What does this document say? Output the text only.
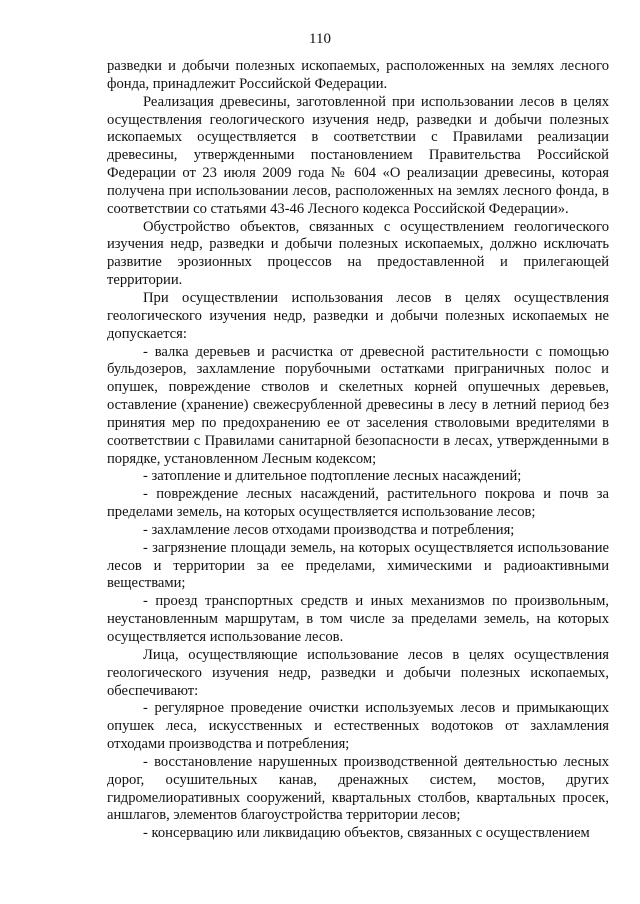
110

разведки и добычи полезных ископаемых, расположенных на землях лесного фонда, принадлежит Российской Федерации.

Реализация древесины, заготовленной при использовании лесов в целях осуществления геологического изучения недр, разведки и добычи полезных ископаемых осуществляется в соответствии с Правилами реализации древесины, утвержденными постановлением Правительства Российской Федерации от 23 июля 2009 года № 604 «О реализации древесины, которая получена при использовании лесов, расположенных на землях лесного фонда, в соответствии со статьями 43-46 Лесного кодекса Российской Федерации».

Обустройство объектов, связанных с осуществлением геологического изучения недр, разведки и добычи полезных ископаемых, должно исключать развитие эрозионных процессов на предоставленной и прилегающей территории.

При осуществлении использования лесов в целях осуществления геологического изучения недр, разведки и добычи полезных ископаемых не допускается:

- валка деревьев и расчистка от древесной растительности с помощью бульдозеров, захламление порубочными остатками приграничных полос и опушек, повреждение стволов и скелетных корней опушечных деревьев, оставление (хранение) свежесрубленной древесины в лесу в летний период без принятия мер по предохранению ее от заселения стволовыми вредителями в соответствии с Правилами санитарной безопасности в лесах, утвержденными в порядке, установленном Лесным кодексом;

- затопление и длительное подтопление лесных насаждений;

- повреждение лесных насаждений, растительного покрова и почв за пределами земель, на которых осуществляется использование лесов;

- захламление лесов отходами производства и потребления;

- загрязнение площади земель, на которых осуществляется использование лесов и территории за ее пределами, химическими и радиоактивными веществами;

- проезд транспортных средств и иных механизмов по произвольным, неустановленным маршрутам, в том числе за пределами земель, на которых осуществляется использование лесов.

Лица, осуществляющие использование лесов в целях осуществления геологического изучения недр, разведки и добычи полезных ископаемых, обеспечивают:

- регулярное проведение очистки используемых лесов и примыкающих опушек леса, искусственных и естественных водотоков от захламления отходами производства и потребления;

- восстановление нарушенных производственной деятельностью лесных дорог, осушительных канав, дренажных систем, мостов, других гидромелиоративных сооружений, квартальных столбов, квартальных просек, аншлагов, элементов благоустройства территории лесов;

- консервацию или ликвидацию объектов, связанных с осуществлением
